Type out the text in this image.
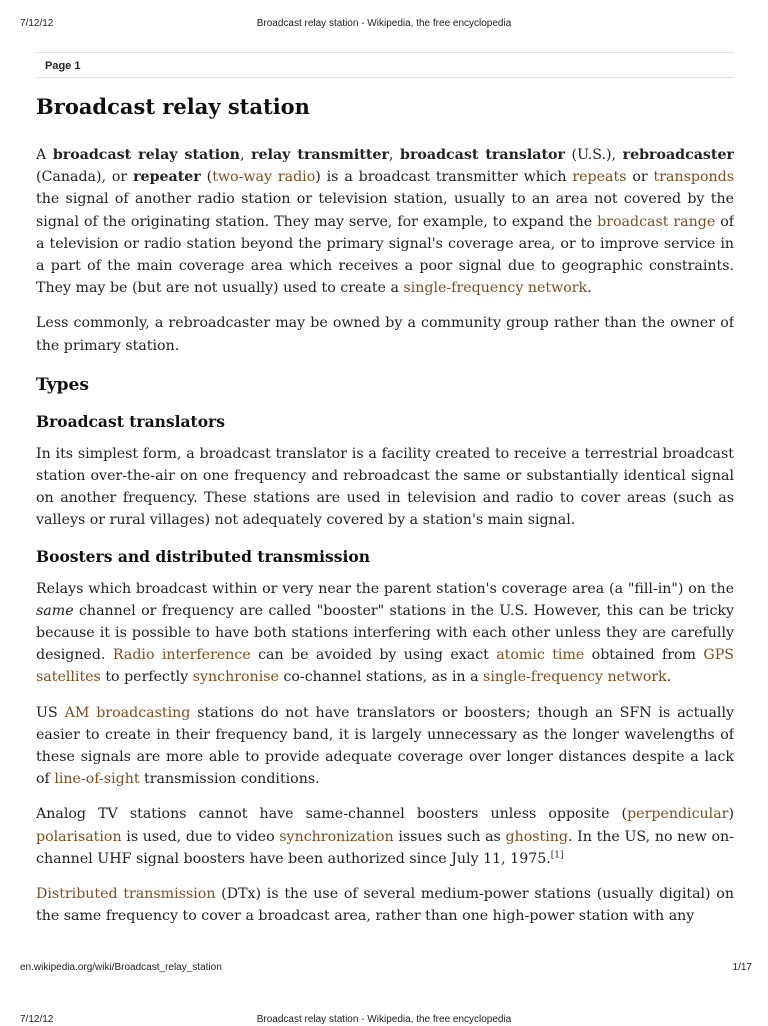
7/12/12	Broadcast relay station - Wikipedia, the free encyclopedia
Page 1
Broadcast relay station

A broadcast relay station, relay transmitter, broadcast translator (U.S.), rebroadcaster (Canada), or repeater (two-way radio) is a broadcast transmitter which repeats or transponds the signal of another radio station or television station, usually to an area not covered by the signal of the originating station. They may serve, for example, to expand the broadcast range of a television or radio station beyond the primary signal's coverage area, or to improve service in a part of the main coverage area which receives a poor signal due to geographic constraints. They may be (but are not usually) used to create a single-frequency network.

Less commonly, a rebroadcaster may be owned by a community group rather than the owner of the primary station.

Types
Broadcast translators

In its simplest form, a broadcast translator is a facility created to receive a terrestrial broadcast station over-the-air on one frequency and rebroadcast the same or substantially identical signal on another frequency. These stations are used in television and radio to cover areas (such as valleys or rural villages) not adequately covered by a station's main signal.

Boosters and distributed transmission

Relays which broadcast within or very near the parent station's coverage area (a "fill-in") on the same channel or frequency are called "booster" stations in the U.S. However, this can be tricky because it is possible to have both stations interfering with each other unless they are carefully designed. Radio interference can be avoided by using exact atomic time obtained from GPS satellites to perfectly synchronise co-channel stations, as in a single-frequency network.

US AM broadcasting stations do not have translators or boosters; though an SFN is actually easier to create in their frequency band, it is largely unnecessary as the longer wavelengths of these signals are more able to provide adequate coverage over longer distances despite a lack of line-of-sight transmission conditions.

Analog TV stations cannot have same-channel boosters unless opposite (perpendicular) polarisation is used, due to video synchronization issues such as ghosting. In the US, no new on-channel UHF signal boosters have been authorized since July 11, 1975.[1]

Distributed transmission (DTx) is the use of several medium-power stations (usually digital) on the same frequency to cover a broadcast area, rather than one high-power station with any

en.wikipedia.org/wiki/Broadcast_relay_station	1/17
7/12/12	Broadcast relay station - Wikipedia, the free encyclopedia
